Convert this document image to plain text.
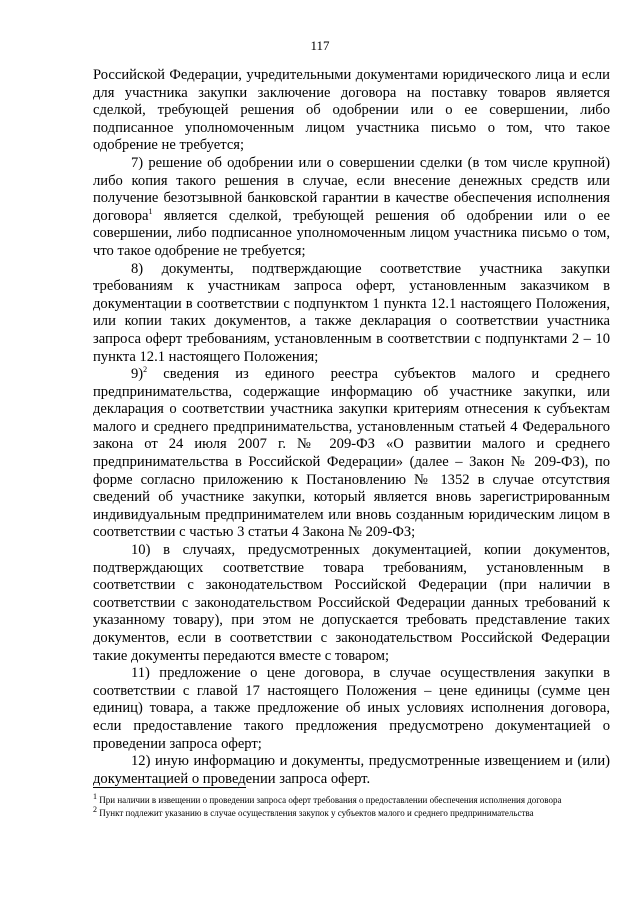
117

Российской Федерации, учредительными документами юридического лица и если для участника закупки заключение договора на поставку товаров является сделкой, требующей решения об одобрении или о ее совершении, либо подписанное уполномоченным лицом участника письмо о том, что такое одобрение не требуется;

7) решение об одобрении или о совершении сделки (в том числе крупной) либо копия такого решения в случае, если внесение денежных средств или получение безотзывной банковской гарантии в качестве обеспечения исполнения договора$^1$ является сделкой, требующей решения об одобрении или о ее совершении, либо подписанное уполномоченным лицом участника письмо о том, что такое одобрение не требуется;

8) документы, подтверждающие соответствие участника закупки требованиям к участникам запроса оферт, установленным заказчиком в документации в соответствии с подпунктом 1 пункта 12.1 настоящего Положения, или копии таких документов, а также декларация о соответствии участника запроса оферт требованиям, установленным в соответствии с подпунктами 2 – 10 пункта 12.1 настоящего Положения;

9)$^2$ сведения из единого реестра субъектов малого и среднего предпринимательства, содержащие информацию об участнике закупки, или декларация о соответствии участника закупки критериям отнесения к субъектам малого и среднего предпринимательства, установленным статьей 4 Федерального закона от 24 июля 2007 г. № 209-ФЗ «О развитии малого и среднего предпринимательства в Российской Федерации» (далее – Закон № 209-ФЗ), по форме согласно приложению к Постановлению № 1352 в случае отсутствия сведений об участнике закупки, который является вновь зарегистрированным индивидуальным предпринимателем или вновь созданным юридическим лицом в соответствии с частью 3 статьи 4 Закона № 209-ФЗ;

10) в случаях, предусмотренных документацией, копии документов, подтверждающих соответствие товара требованиям, установленным в соответствии с законодательством Российской Федерации (при наличии в соответствии с законодательством Российской Федерации данных требований к указанному товару), при этом не допускается требовать представление таких документов, если в соответствии с законодательством Российской Федерации такие документы передаются вместе с товаром;

11) предложение о цене договора, в случае осуществления закупки в соответствии с главой 17 настоящего Положения – цене единицы (сумме цен единиц) товара, а также предложение об иных условиях исполнения договора, если предоставление такого предложения предусмотрено документацией о проведении запроса оферт;

12) иную информацию и документы, предусмотренные извещением и (или) документацией о проведении запроса оферт.

$^1$ При наличии в извещении о проведении запроса оферт требования о предоставлении обеспечения исполнения договора

$^2$ Пункт подлежит указанию в случае осуществления закупок у субъектов малого и среднего предпринимательства
